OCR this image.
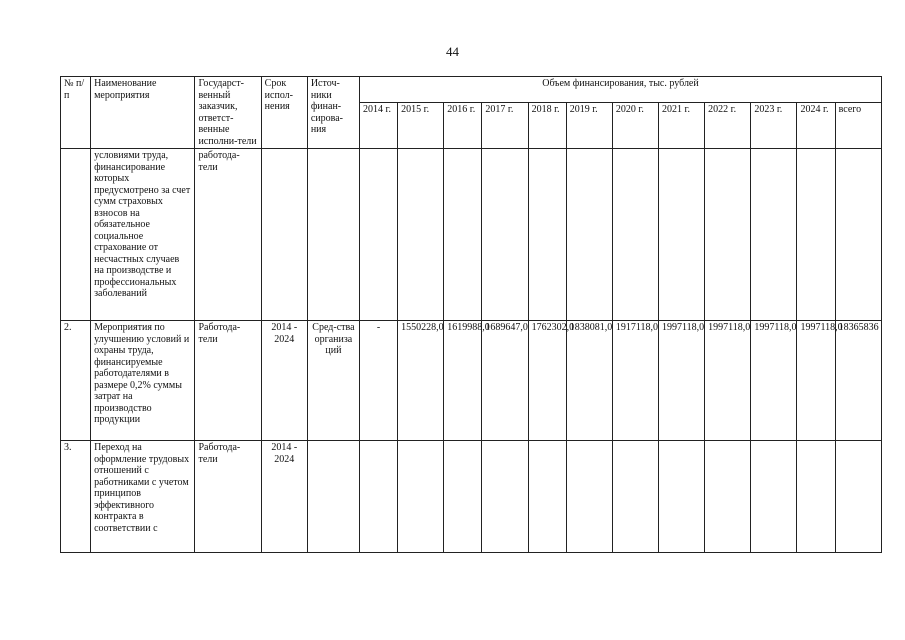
44
№ п/п	Наименование мероприятия	Государст-венный заказчик, ответст-венные исполни-тели	Срок испол-нения	Источ-ники финан-сирова-ния	Объем финансирования, тыс. рублей											
					2014 г.	2015 г.	2016 г.	2017 г.	2018 г.	2019 г.	2020 г.	2021 г.	2022 г.	2023 г.	2024 г.	всего
	условиями труда, финансирование которых предусмотрено за счет сумм страховых взносов на обязательное социальное страхование от несчастных случаев на производстве и профессиональных заболеваний	работода-тели														
2.	Мероприятия по улучшению условий и охраны труда, финансируемые работодателями в размере 0,2% суммы затрат на производство продукции	Работода-тели	2014 - 2024	Сред-ства организа ций	-	1550228,0	1619988,0	1689647,0	1762302,0	1838081,0	1917118,0	1997118,0	1997118,0	1997118,0	1997118,0	18365836
3.	Переход на оформление трудовых отношений с работниками с учетом принципов эффективного контракта в соответствии с	Работода-тели	2014 - 2024													
